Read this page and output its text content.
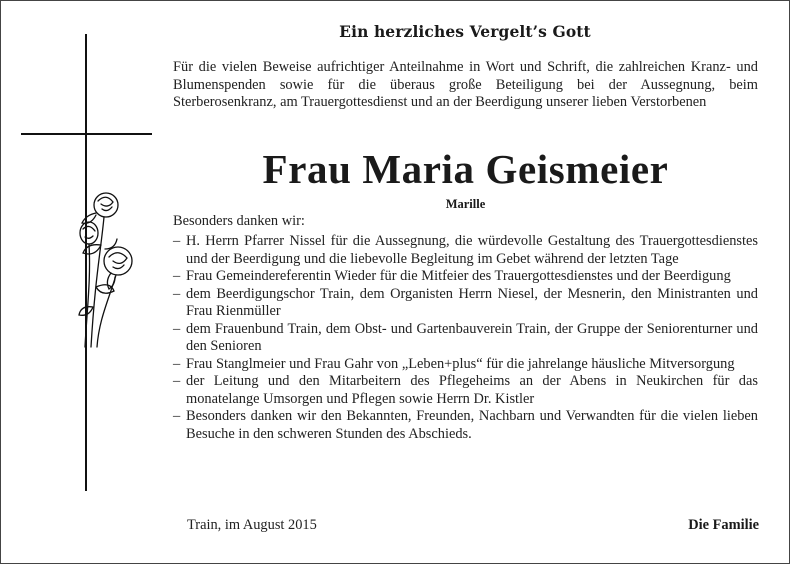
Ein herzliches Vergelt’s Gott
Für die vielen Beweise aufrichtiger Anteilnahme in Wort und Schrift, die zahlreichen Kranz- und Blumenspenden sowie für die überaus große Beteiligung bei der Aussegnung, beim Sterberosenkranz, am Trauergottesdienst und an der Beerdigung unserer lieben Verstorbenen
Frau Maria Geismeier
Marille
Besonders danken wir:
– H. Herrn Pfarrer Nissel für die Aussegnung, die würdevolle Gestaltung des Trauergottesdienstes und der Beerdigung und die liebevolle Begleitung im Gebet während der letzten Tage
– Frau Gemeindereferentin Wieder für die Mitfeier des Trauergottesdienstes und der Beerdigung
– dem Beerdigungschor Train, dem Organisten Herrn Niesel, der Mesnerin, den Ministranten und Frau Rienmüller
– dem Frauenbund Train, dem Obst- und Gartenbauverein Train, der Gruppe der Seniorenturner und den Senioren
– Frau Stanglmeier und Frau Gahr von „Leben+plus“ für die jahrelange häusliche Mitversorgung
– der Leitung und den Mitarbeitern des Pflegeheims an der Abens in Neukirchen für das monatelange Umsorgen und Pflegen sowie Herrn Dr. Kistler
– Besonders danken wir den Bekannten, Freunden, Nachbarn und Verwandten für die vielen lieben Besuche in den schweren Stunden des Abschieds.
Train, im August 2015	Die Familie
